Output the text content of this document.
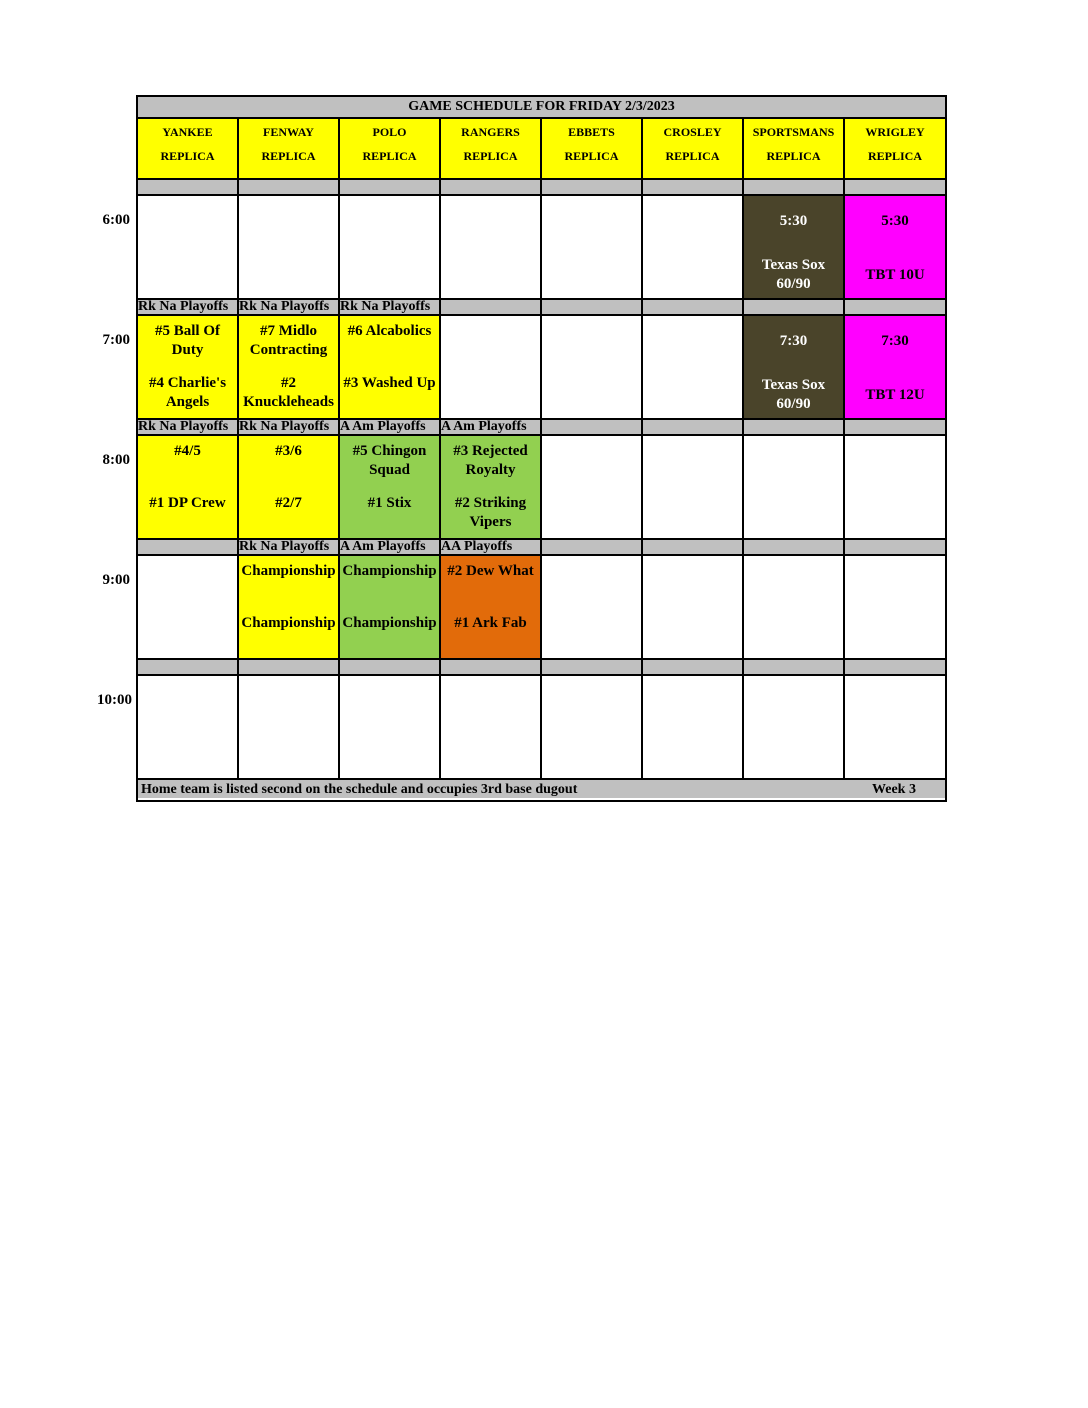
GAME SCHEDULE FOR FRIDAY 2/3/2023
YANKEE
REPLICA
FENWAY
REPLICA
POLO
REPLICA
RANGERS
REPLICA
EBBETS
REPLICA
CROSLEY
REPLICA
SPORTSMANS
REPLICA
WRIGLEY
REPLICA
5:30
Texas Sox 60/90
5:30
TBT 10U
Rk Na Playoffs
#5 Ball Of Duty
#4 Charlie's Angels
Rk Na Playoffs
#7 Midlo Contracting
#2 Knuckleheads
Rk Na Playoffs
#6 Alcabolics
#3 Washed Up
7:30
Texas Sox 60/90
7:30
TBT 12U
Rk Na Playoffs
#4/5
#1 DP Crew
Rk Na Playoffs
#3/6
#2/7
A Am Playoffs
#5 Chingon Squad
#1 Stix
A Am Playoffs
#3 Rejected Royalty
#2 Striking Vipers
Rk Na Playoffs
Championship
Championship
A Am Playoffs
Championship
Championship
AA Playoffs
#2 Dew What
#1 Ark Fab
Home team is listed second on the schedule and occupies 3rd base dugout	Week 3
6:00
7:00
8:00
9:00
10:00
